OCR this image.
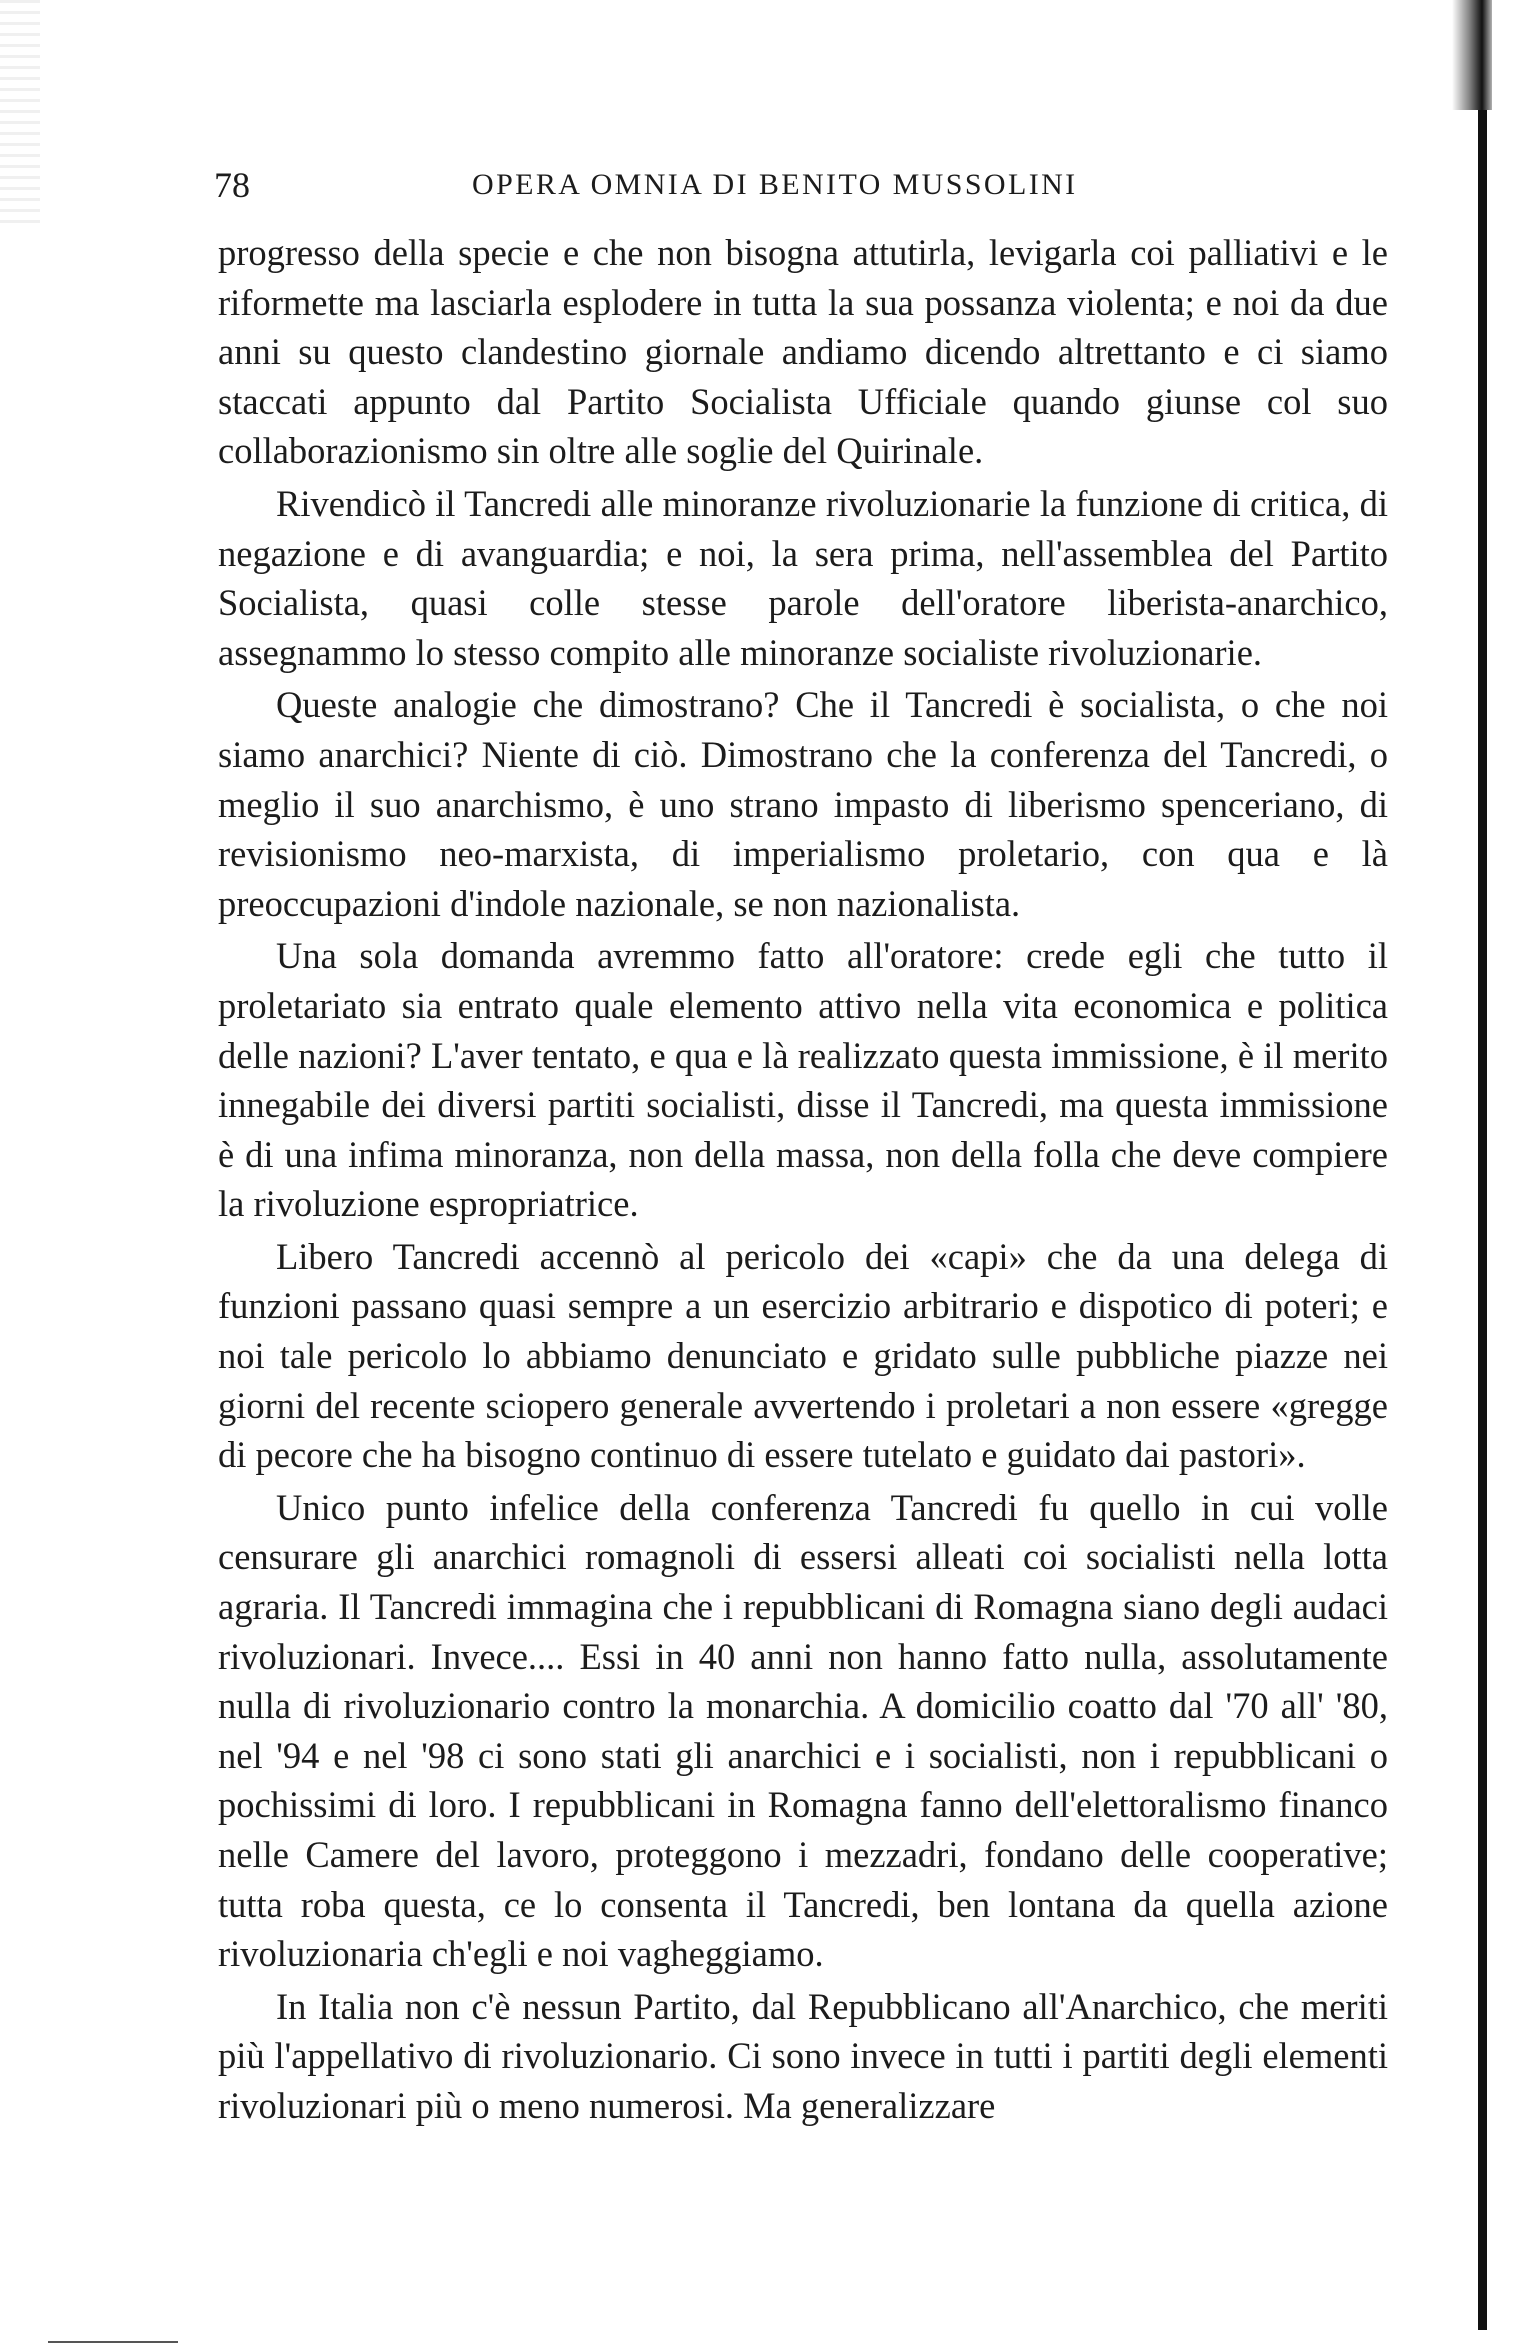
78	OPERA OMNIA DI BENITO MUSSOLINI

progresso della specie e che non bisogna attutirla, levigarla coi palliativi e le riformette ma lasciarla esplodere in tutta la sua possanza violenta; e noi da due anni su questo clandestino giornale andiamo dicendo altrettanto e ci siamo staccati appunto dal Partito Socialista Ufficiale quando giunse col suo collaborazionismo sin oltre alle soglie del Quirinale.

Rivendicò il Tancredi alle minoranze rivoluzionarie la funzione di critica, di negazione e di avanguardia; e noi, la sera prima, nell'assemblea del Partito Socialista, quasi colle stesse parole dell'oratore liberista-anarchico, assegnammo lo stesso compito alle minoranze socialiste rivoluzionarie.

Queste analogie che dimostrano? Che il Tancredi è socialista, o che noi siamo anarchici? Niente di ciò. Dimostrano che la conferenza del Tancredi, o meglio il suo anarchismo, è uno strano impasto di liberismo spenceriano, di revisionismo neo-marxista, di imperialismo proletario, con qua e là preoccupazioni d'indole nazionale, se non nazionalista.

Una sola domanda avremmo fatto all'oratore: crede egli che tutto il proletariato sia entrato quale elemento attivo nella vita economica e politica delle nazioni? L'aver tentato, e qua e là realizzato questa immissione, è il merito innegabile dei diversi partiti socialisti, disse il Tancredi, ma questa immissione è di una infima minoranza, non della massa, non della folla che deve compiere la rivoluzione espropriatrice.

Libero Tancredi accennò al pericolo dei «capi» che da una delega di funzioni passano quasi sempre a un esercizio arbitrario e dispotico di poteri; e noi tale pericolo lo abbiamo denunciato e gridato sulle pubbliche piazze nei giorni del recente sciopero generale avvertendo i proletari a non essere «gregge di pecore che ha bisogno continuo di essere tutelato e guidato dai pastori».

Unico punto infelice della conferenza Tancredi fu quello in cui volle censurare gli anarchici romagnoli di essersi alleati coi socialisti nella lotta agraria. Il Tancredi immagina che i repubblicani di Romagna siano degli audaci rivoluzionari. Invece.... Essi in 40 anni non hanno fatto nulla, assolutamente nulla di rivoluzionario contro la monarchia. A domicilio coatto dal '70 all' '80, nel '94 e nel '98 ci sono stati gli anarchici e i socialisti, non i repubblicani o pochissimi di loro. I repubblicani in Romagna fanno dell'elettoralismo financo nelle Camere del lavoro, proteggono i mezzadri, fondano delle cooperative; tutta roba questa, ce lo consenta il Tancredi, ben lontana da quella azione rivoluzionaria ch'egli e noi vagheggiamo.

In Italia non c'è nessun Partito, dal Repubblicano all'Anarchico, che meriti più l'appellativo di rivoluzionario. Ci sono invece in tutti i partiti degli elementi rivoluzionari più o meno numerosi. Ma generalizzare
